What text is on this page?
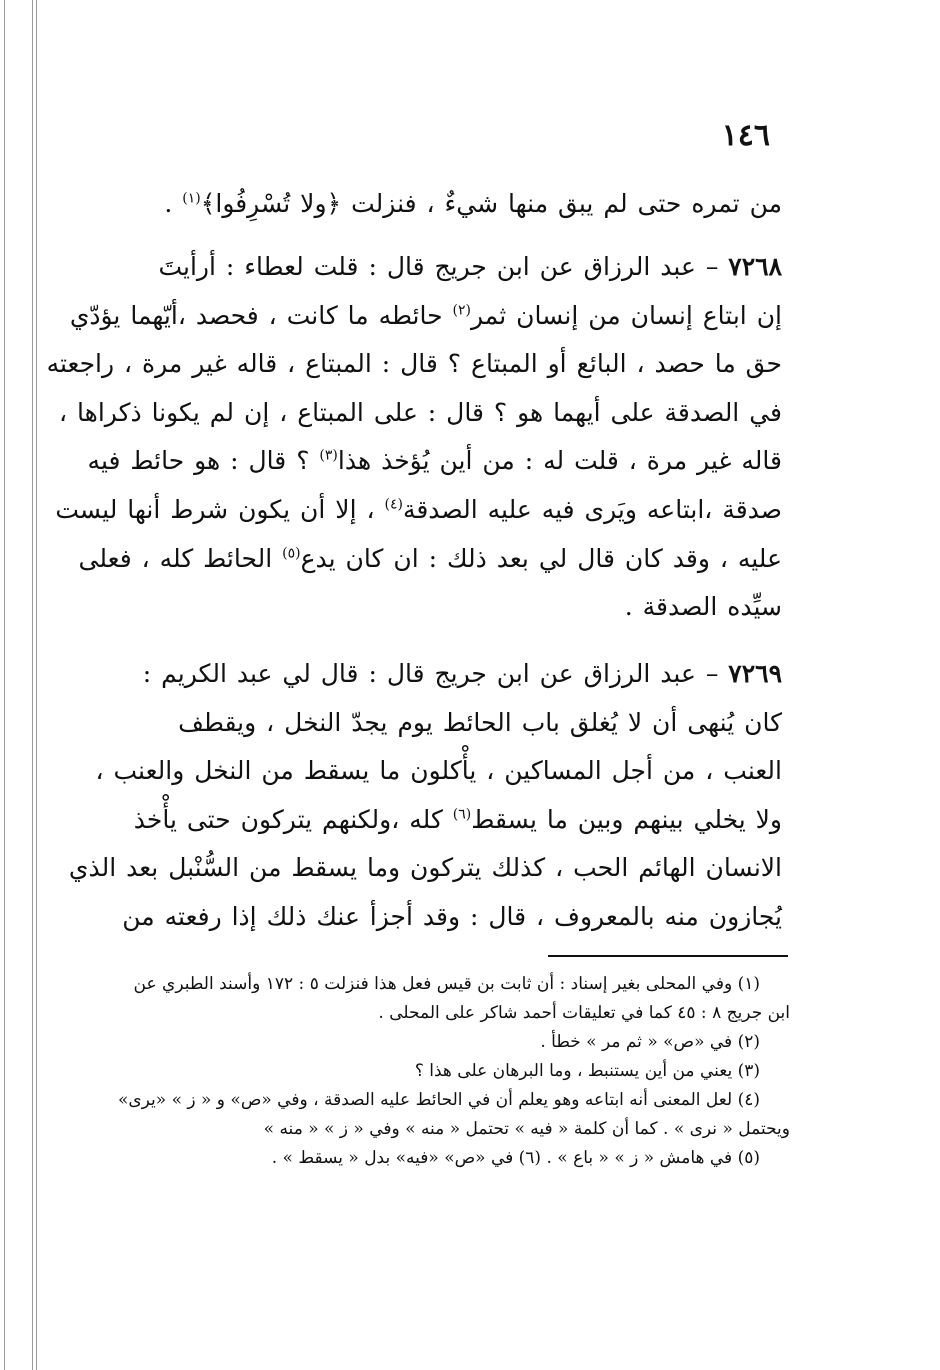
١٤٦
من تمره حتى لم يبق منها شيءٌ ، فنزلت ﴿ولا تُسْرِفُوا﴾$^{(١)}$ .
٧٢٦٨ – عبد الرزاق عن ابن جريج قال : قلت لعطاء : أرأيتَ
إن ابتاع إنسان من إنسان ثمر$^{(٢)}$ حائطه ما كانت ، فحصد ،أيّهما يؤدّي
حق ما حصد ، البائع أو المبتاع ؟ قال : المبتاع ، قاله غير مرة ، راجعته
في الصدقة على أيهما هو ؟ قال : على المبتاع ، إن لم يكونا ذكراها ،
قاله غير مرة ، قلت له : من أين يُؤخذ هذا$^{(٣)}$ ؟ قال : هو حائط فيه
صدقة ،ابتاعه ويَرى فيه عليه الصدقة$^{(٤)}$ ، إلا أن يكون شرط أنها ليست
عليه ، وقد كان قال لي بعد ذلك : ان كان يدع$^{(٥)}$ الحائط كله ، فعلى
سيِّده الصدقة .
٧٢٦٩ – عبد الرزاق عن ابن جريج قال : قال لي عبد الكريم :
كان يُنهى أن لا يُغلق باب الحائط يوم يجدّ النخل ، ويقطف
العنب ، من أجل المساكين ، يأْكلون ما يسقط من النخل والعنب ،
ولا يخلي بينهم وبين ما يسقط$^{(٦)}$ كله ،ولكنهم يتركون حتى يأْخذ
الانسان الهائم الحب ، كذلك يتركون وما يسقط من السُّنْبل بعد الذي
يُجازون منه بالمعروف ، قال : وقد أجزأ عنك ذلك إذا رفعته من
(١) وفي المحلى بغير إسناد : أن ثابت بن قيس فعل هذا فنزلت ٥ : ١٧٢ وأسند الطبري عن
ابن جريج ٨ : ٤٥ كما في تعليقات أحمد شاكر على المحلى .
(٢) في «ص» « ثم مر » خطأ .
(٣) يعني من أين يستنبط ، وما البرهان على هذا ؟
(٤) لعل المعنى أنه ابتاعه وهو يعلم أن في الحائط عليه الصدقة ، وفي «ص» و « ز » «يرى»
ويحتمل « نرى » . كما أن كلمة « فيه » تحتمل « منه » وفي « ز » « منه »
(٥) في هامش « ز » « باع » . (٦) في «ص» «فيه» بدل « يسقط » .
